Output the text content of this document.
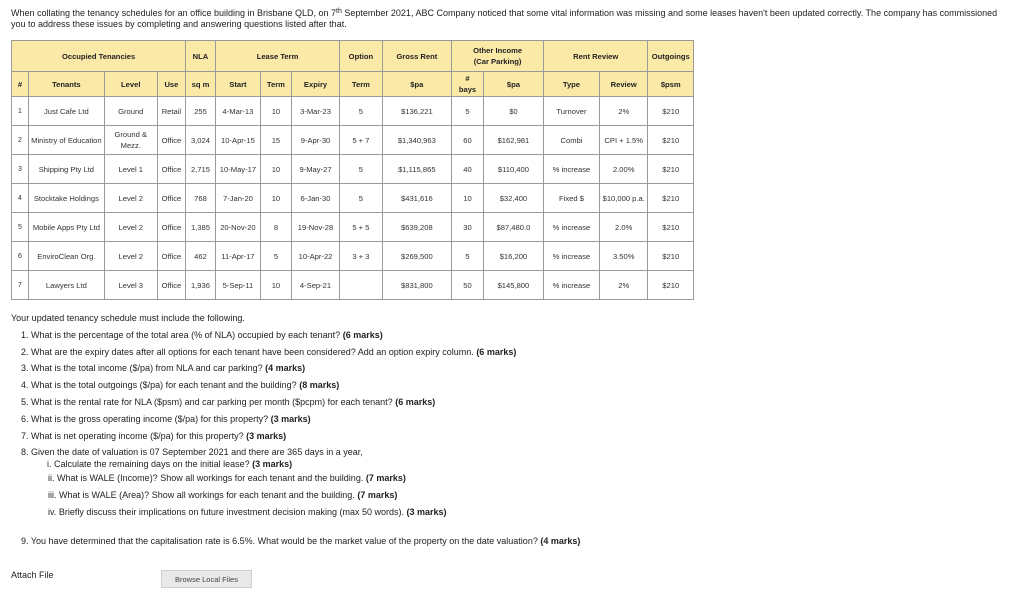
When collating the tenancy schedules for an office building in Brisbane QLD, on 7th September 2021, ABC Company noticed that some vital information was missing and some leases haven't been updated correctly. The company has commissioned you to address these issues by completing and answering questions listed after that.
Occupied Tenancies				NLA	Lease Term			Option	Gross Rent	Other Income
(Car Parking)		Rent Review		Outgoings
#	Tenants	Level	Use	sq m	Start	Term	Expiry	Term	$pa	#
bays	$pa	Type	Review	$psm
1	Just Cafe Ltd	Ground	Retail	255	4-Mar-13	10	3-Mar-23	5	$136,221	5	$0	Turnover	2%	$210
2	Ministry of Education	Ground & Mezz.	Office	3,024	10-Apr-15	15	9-Apr-30	5 + 7	$1,340,963	60	$162,981	Combi	CPI + 1.5%	$210
3	Shipping Pty Ltd	Level 1	Office	2,715	10-May-17	10	9-May-27	5	$1,115,865	40	$110,400	% increase	2.00%	$210
4	Stocktake Holdings	Level 2	Office	768	7-Jan-20	10	6-Jan-30	5	$431,616	10	$32,400	Fixed $	$10,000 p.a.	$210
5	Mobile Apps Pty Ltd	Level 2	Office	1,385	20-Nov-20	8	19-Nov-28	5 + 5	$639,208	30	$87,480.0	% increase	2.0%	$210
6	EnviroClean Org.	Level 2	Office	462	11-Apr-17	5	10-Apr-22	3 + 3	$269,500	5	$16,200	% increase	3.50%	$210
7	Lawyers Ltd	Level 3	Office	1,936	5-Sep-11	10	4-Sep-21		$831,800	50	$145,800	% increase	2%	$210
Your updated tenancy schedule must include the following.
1. What is the percentage of the total area (% of NLA) occupied by each tenant? (6 marks)
2. What are the expiry dates after all options for each tenant have been considered? Add an option expiry column. (6 marks)
3. What is the total income ($/pa) from NLA and car parking? (4 marks)
4. What is the total outgoings ($/pa) for each tenant and the building? (8 marks)
5. What is the rental rate for NLA ($psm) and car parking per month ($pcpm) for each tenant? (6 marks)
6. What is the gross operating income ($/pa) for this property? (3 marks)
7. What is net operating income ($/pa) for this property? (3 marks)
8. Given the date of valuation is 07 September 2021 and there are 365 days in a year,
i. Calculate the remaining days on the initial lease? (3 marks)
ii. What is WALE (Income)? Show all workings for each tenant and the building. (7 marks)
iii. What is WALE (Area)? Show all workings for each tenant and the building. (7 marks)
iv. Briefly discuss their implications on future investment decision making (max 50 words). (3 marks)
9. You have determined that the capitalisation rate is 6.5%. What would be the market value of the property on the date valuation? (4 marks)
Attach File	Browse Local Files
